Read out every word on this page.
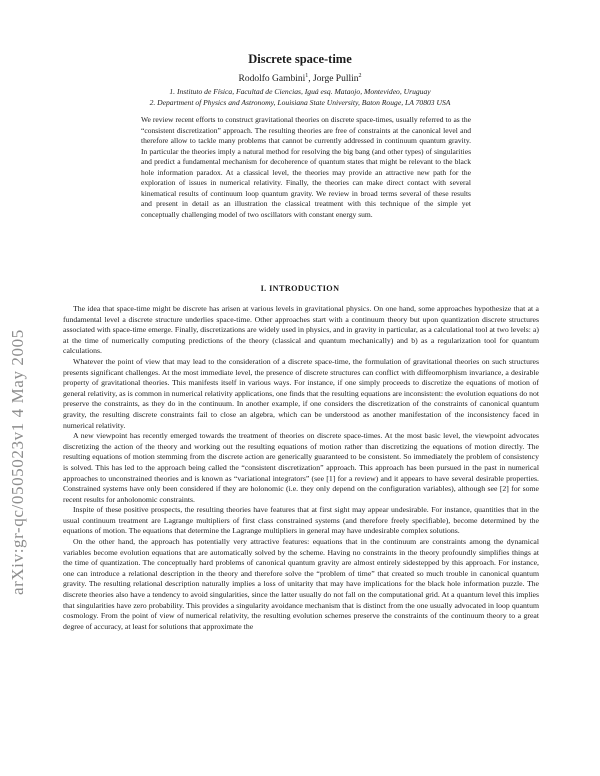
arXiv:gr-qc/0505023v1 4 May 2005
Discrete space-time
Rodolfo Gambini$^1$, Jorge Pullin$^2$
1. Instituto de Física, Facultad de Ciencias, Iguá esq. Mataojo, Montevideo, Uruguay
2. Department of Physics and Astronomy, Louisiana State University, Baton Rouge, LA 70803 USA
We review recent efforts to construct gravitational theories on discrete space-times, usually referred to as the “consistent discretization” approach. The resulting theories are free of constraints at the canonical level and therefore allow to tackle many problems that cannot be currently addressed in continuum quantum gravity. In particular the theories imply a natural method for resolving the big bang (and other types) of singularities and predict a fundamental mechanism for decoherence of quantum states that might be relevant to the black hole information paradox. At a classical level, the theories may provide an attractive new path for the exploration of issues in numerical relativity. Finally, the theories can make direct contact with several kinematical results of continuum loop quantum gravity. We review in broad terms several of these results and present in detail as an illustration the classical treatment with this technique of the simple yet conceptually challenging model of two oscillators with constant energy sum.
I. INTRODUCTION

The idea that space-time might be discrete has arisen at various levels in gravitational physics. On one hand, some approaches hypothesize that at a fundamental level a discrete structure underlies space-time. Other approaches start with a continuum theory but upon quantization discrete structures associated with space-time emerge. Finally, discretizations are widely used in physics, and in gravity in particular, as a calculational tool at two levels: a) at the time of numerically computing predictions of the theory (classical and quantum mechanically) and b) as a regularization tool for quantum calculations.

Whatever the point of view that may lead to the consideration of a discrete space-time, the formulation of gravitational theories on such structures presents significant challenges. At the most immediate level, the presence of discrete structures can conflict with diffeomorphism invariance, a desirable property of gravitational theories. This manifests itself in various ways. For instance, if one simply proceeds to discretize the equations of motion of general relativity, as is common in numerical relativity applications, one finds that the resulting equations are inconsistent: the evolution equations do not preserve the constraints, as they do in the continuum. In another example, if one considers the discretization of the constraints of canonical quantum gravity, the resulting discrete constraints fail to close an algebra, which can be understood as another manifestation of the inconsistency faced in numerical relativity.

A new viewpoint has recently emerged towards the treatment of theories on discrete space-times. At the most basic level, the viewpoint advocates discretizing the action of the theory and working out the resulting equations of motion rather than discretizing the equations of motion directly. The resulting equations of motion stemming from the discrete action are generically guaranteed to be consistent. So immediately the problem of consistency is solved. This has led to the approach being called the “consistent discretization” approach. This approach has been pursued in the past in numerical approaches to unconstrained theories and is known as “variational integrators” (see [1] for a review) and it appears to have several desirable properties. Constrained systems have only been considered if they are holonomic (i.e. they only depend on the configuration variables), although see [2] for some recent results for anholonomic constraints.

Inspite of these positive prospects, the resulting theories have features that at first sight may appear undesirable. For instance, quantities that in the usual continuum treatment are Lagrange multipliers of first class constrained systems (and therefore freely specifiable), become determined by the equations of motion. The equations that determine the Lagrange multipliers in general may have undesirable complex solutions.

On the other hand, the approach has potentially very attractive features: equations that in the continuum are constraints among the dynamical variables become evolution equations that are automatically solved by the scheme. Having no constraints in the theory profoundly simplifies things at the time of quantization. The conceptually hard problems of canonical quantum gravity are almost entirely sidestepped by this approach. For instance, one can introduce a relational description in the theory and therefore solve the “problem of time” that created so much trouble in canonical quantum gravity. The resulting relational description naturally implies a loss of unitarity that may have implications for the black hole information puzzle. The discrete theories also have a tendency to avoid singularities, since the latter usually do not fall on the computational grid. At a quantum level this implies that singularities have zero probability. This provides a singularity avoidance mechanism that is distinct from the one usually advocated in loop quantum cosmology. From the point of view of numerical relativity, the resulting evolution schemes preserve the constraints of the continuum theory to a great degree of accuracy, at least for solutions that approximate the
